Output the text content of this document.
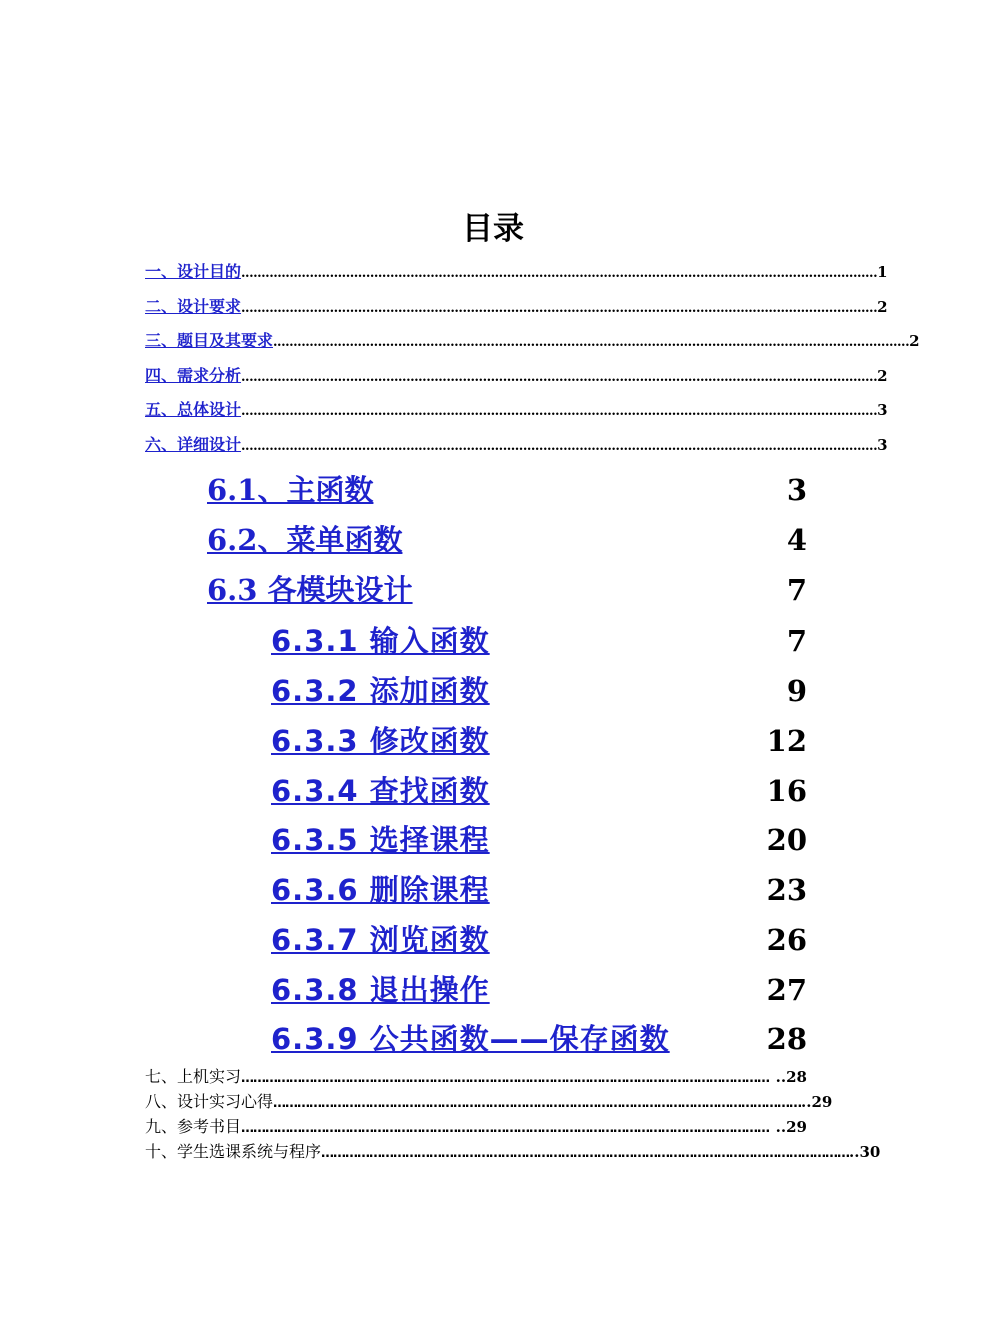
目录
一、设计目的 .............................................................................................................................................................. 1
二、设计要求 .............................................................................................................................................................. 2
三、题目及其要求 .............................................................................................................................................................. 2
四、需求分析 .............................................................................................................................................................. 2
五、总体设计 .............................................................................................................................................................. 3
六、详细设计 .............................................................................................................................................................. 3
6.1、主函数	3
6.2、菜单函数	4
6.3 各模块设计	7
6.3.1 输入函数	7
6.3.2 添加函数	9
6.3.3 修改函数	12
6.3.4 查找函数	16
6.3.5 选择课程	20
6.3.6 删除课程	23
6.3.7 浏览函数	26
6.3.8 退出操作	27
6.3.9 公共函数——保存函数	28
七、上机实习 …………………………………………………………………………………………………………………… ..28
八、设计实习心得 …………………………………………………………………………………………………………………… ..29
九、参考书目 …………………………………………………………………………………………………………………… ..29
十、学生选课系统与程序 …………………………………………………………………………………………………………………… ..30
